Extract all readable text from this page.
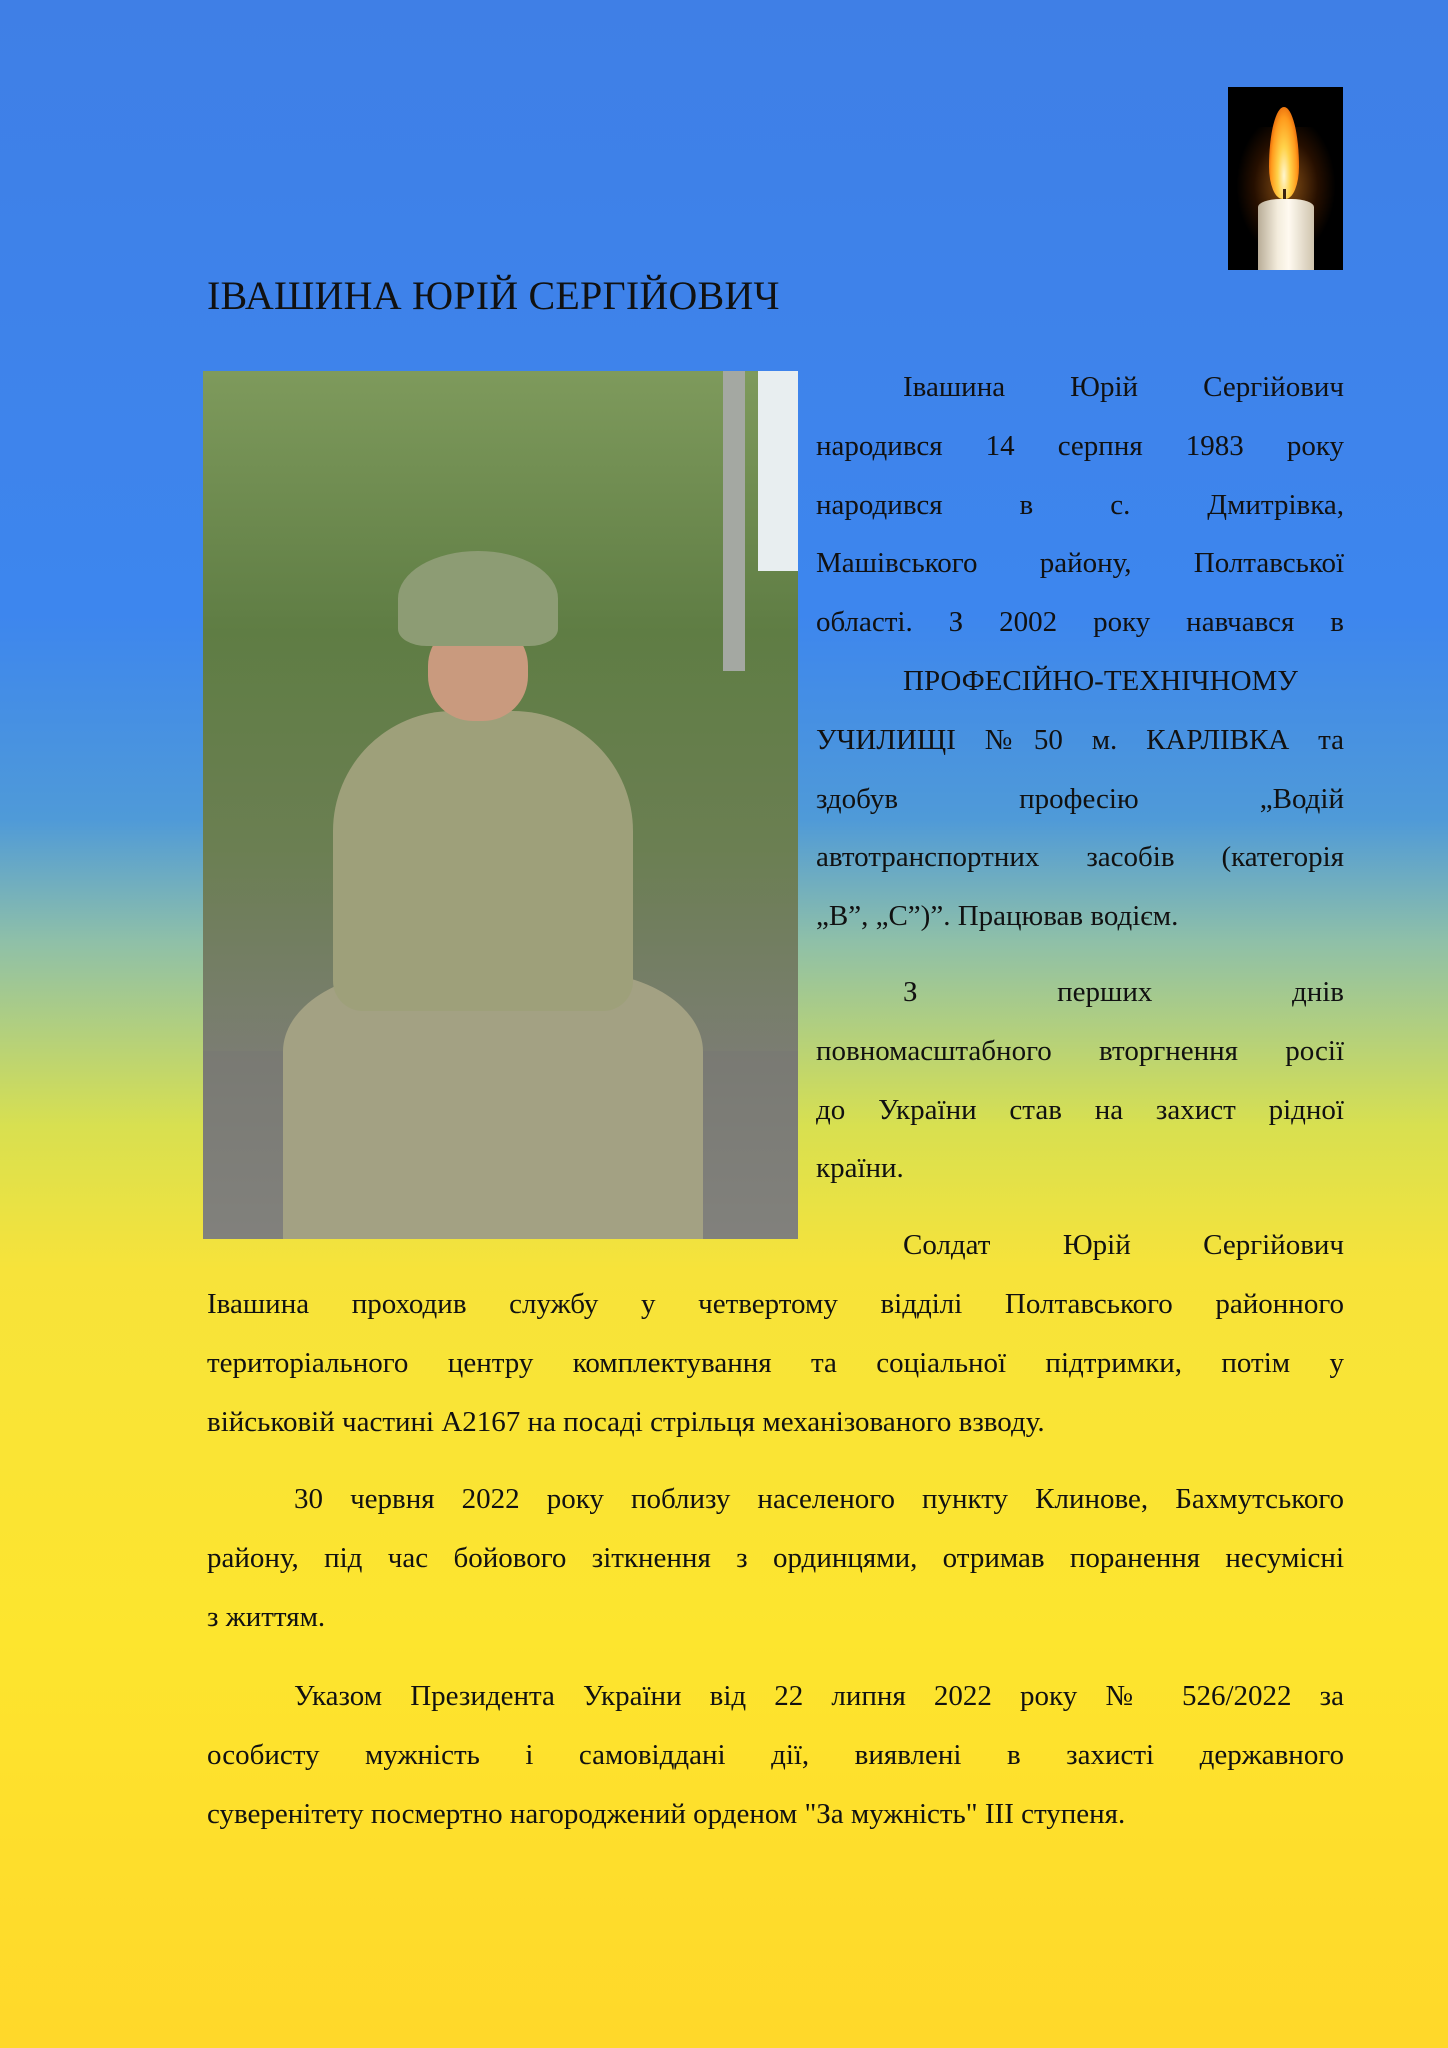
ІВАШИНА ЮРІЙ СЕРГІЙОВИЧ
Івашина Юрій Сергійович
народився 14 серпня 1983 року
народився в с. Дмитрівка,
Машівського району, Полтавської
області. З 2002 року навчався в
ПРОФЕСІЙНО-ТЕХНІЧНОМУ
УЧИЛИЩІ №50 м. КАРЛІВКА та
здобув професію „Водій
автотранспортних засобів (категорія
„В”, „С”)”. Працював водієм.
З перших днів
повномасштабного вторгнення росії
до України став на захист рідної
країни.
Солдат Юрій Сергійович
Івашина проходив службу у четвертому відділі Полтавського районного
територіального центру комплектування та соціальної підтримки, потім у
військовій частині А2167 на посаді стрільця механізованого взводу.
30 червня 2022 року поблизу населеного пункту Клинове, Бахмутського
району, під час бойового зіткнення з ординцями, отримав поранення несумісні
з життям.
Указом Президента України від 22 липня 2022 року № 526/2022 за
особисту мужність і самовіддані дії, виявлені в захисті державного
суверенітету посмертно нагороджений орденом "За мужність" III ступеня.
